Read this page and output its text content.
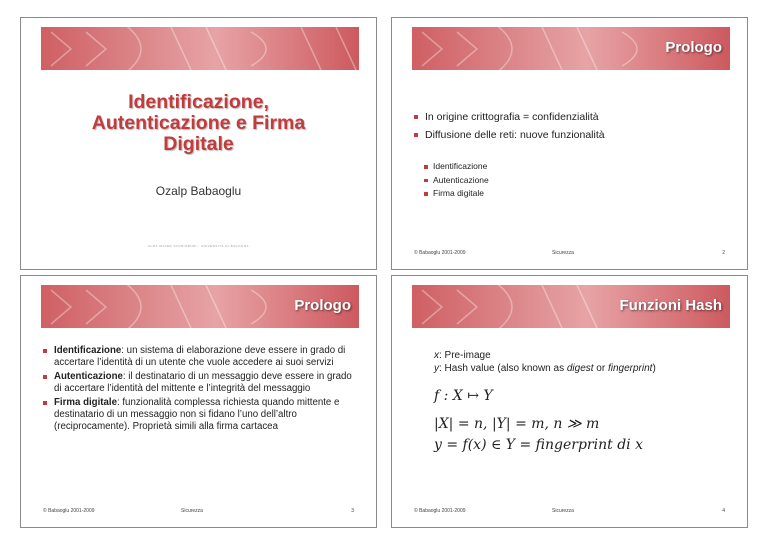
Identificazione,
Autenticazione e Firma
Digitale
Ozalp Babaoglu
ALMA MATER STUDIORUM – UNIVERSITÀ DI BOLOGNA
Prologo
In origine crittografia = confidenzialità
Diffusione delle reti: nuove funzionalità
Identificazione
Autenticazione
Firma digitale
© Babaoglu 2001-2009	Sicurezza	2
Prologo
Identificazione: un sistema di elaborazione deve essere in grado di accertare l’identità di un utente che vuole accedere ai suoi servizi
Autenticazione: il destinatario di un messaggio deve essere in grado di accertare l’identità del mittente e l’integrità del messaggio
Firma digitale: funzionalità complessa richiesta quando mittente e destinatario di un messaggio non si fidano l’uno dell’altro (reciprocamente). Proprietà simili alla firma cartacea
© Babaoglu 2001-2009	Sicurezza	3
Funzioni Hash
x: Pre-image
y: Hash value (also known as digest or fingerprint)
f : X ↦ Y
|X| = n, |Y| = m, n ≫ m
y = f(x) ∈ Y = fingerprint di x
© Babaoglu 2001-2009	Sicurezza	4
